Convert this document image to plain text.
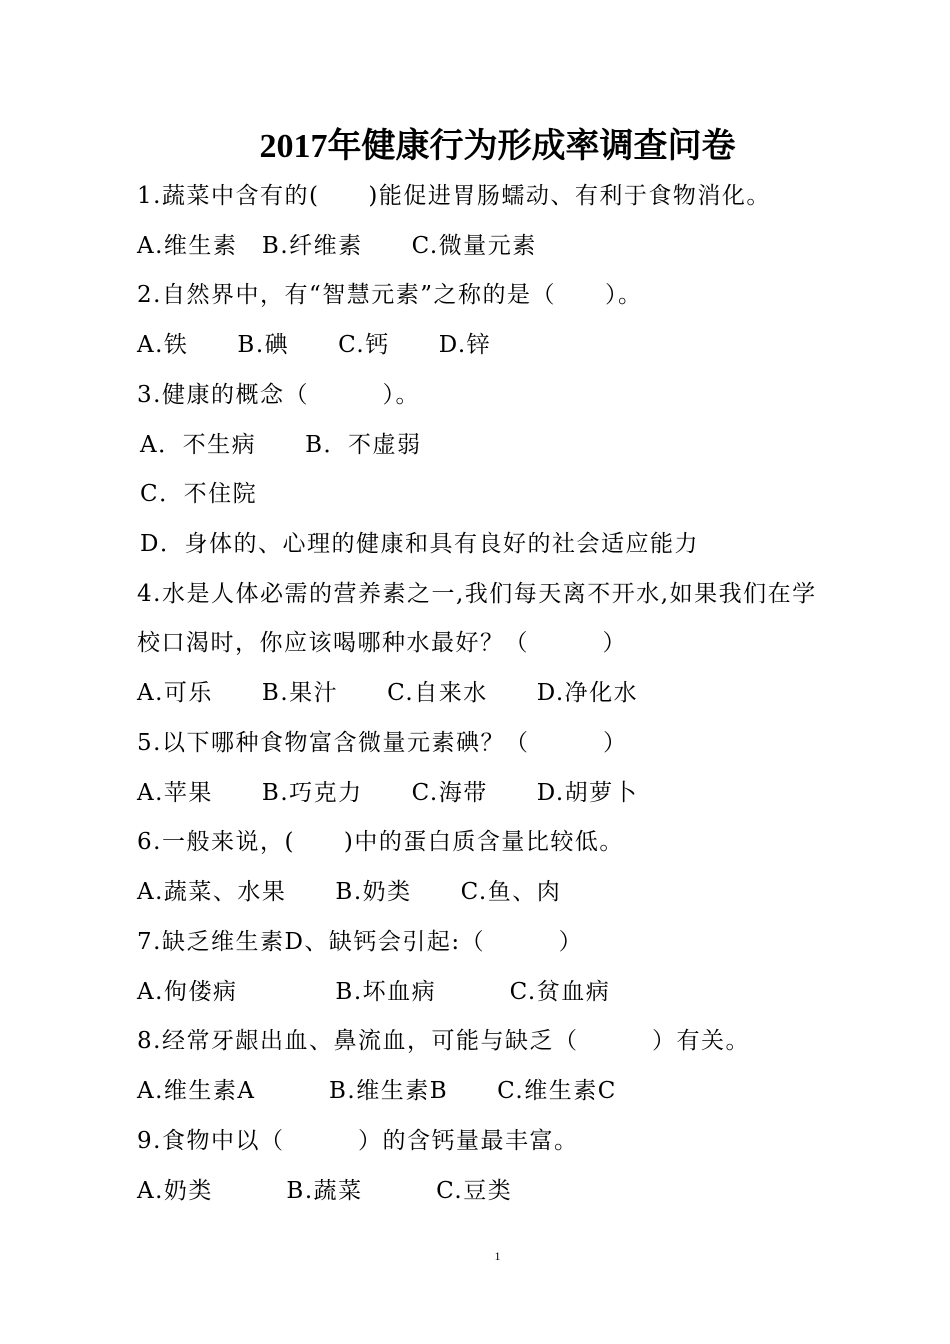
2017年健康行为形成率调查问卷
1.蔬菜中含有的(　　)能促进胃肠蠕动、有利于食物消化。
A.维生素　B.纤维素　　C.微量元素
2.自然界中，有“智慧元素”之称的是（　　）。
A.铁　　B.碘　　C.钙　　D.锌
3.健康的概念（　　　）。
A．不生病　　B．不虚弱
C．不住院
D．身体的、心理的健康和具有良好的社会适应能力
4.水是人体必需的营养素之一,我们每天离不开水,如果我们在学
校口渴时，你应该喝哪种水最好？（　　　）
A.可乐　　B.果汁　　C.自来水　　D.净化水
5.以下哪种食物富含微量元素碘？（　　　）
A.苹果　　B.巧克力　　C.海带　　D.胡萝卜
6.一般来说，(　　)中的蛋白质含量比较低。
A.蔬菜、水果　　B.奶类　　C.鱼、肉
7.缺乏维生素D、缺钙会引起:（　　　）
A.佝偻病　　　　B.坏血病　　　C.贫血病
8.经常牙龈出血、鼻流血，可能与缺乏（　　　）有关。
A.维生素A　　　B.维生素B　　C.维生素C
9.食物中以（　　　）的含钙量最丰富。
A.奶类　　　B.蔬菜　　　C.豆类
1
